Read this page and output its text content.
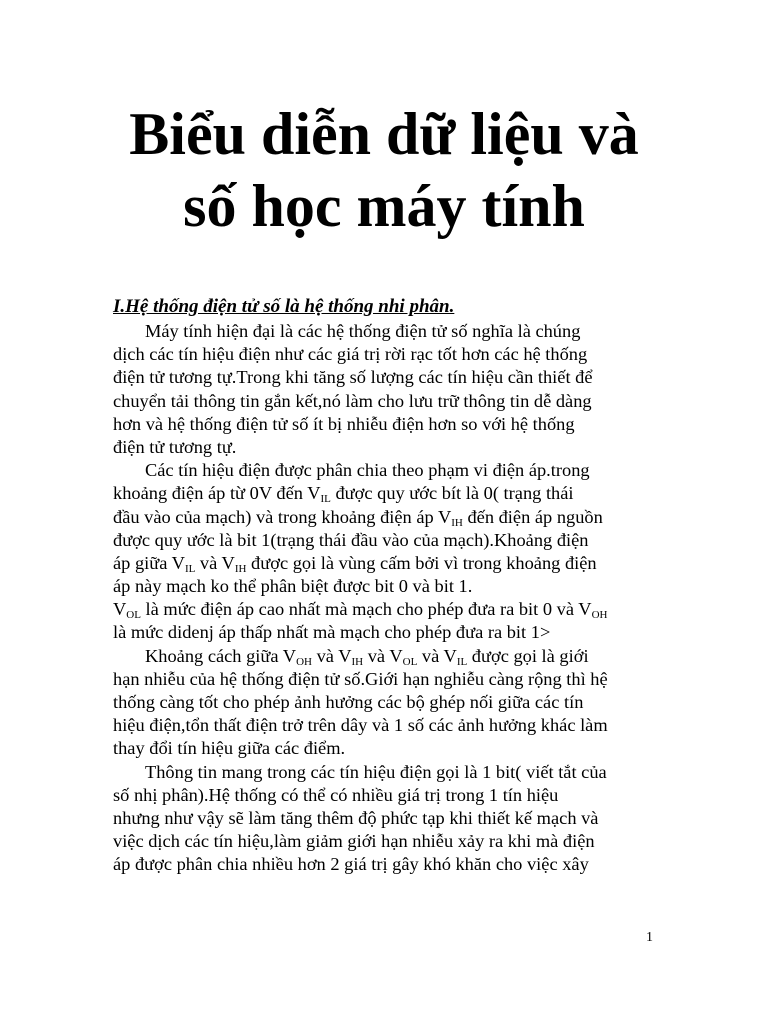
Biểu diễn dữ liệu và
số học máy tính
I.Hệ thống điện tử số là hệ thống nhi phân.
Máy tính hiện đại là các hệ thống điện tử số nghĩa là chúng
dịch các tín hiệu điện như các giá trị rời rạc tốt hơn các hệ thống
điện tử tương tự.Trong khi tăng số lượng các tín hiệu cần thiết để
chuyển tải thông tin gắn kết,nó làm cho lưu trữ thông tin dễ dàng
hơn và hệ thống điện tử số ít bị nhiễu điện hơn so với hệ thống
điện tử tương tự.
Các tín hiệu điện được phân chia theo phạm vi điện áp.trong
khoảng điện áp từ 0V đến $V_{IL}$ được quy ước bít là 0( trạng thái
đầu vào của mạch) và trong khoảng điện áp $V_{IH}$ đến điện áp nguồn
được quy ước là bit 1(trạng thái đầu vào của mạch).Khoảng điện
áp giữa $V_{IL}$ và $V_{IH}$ được gọi là vùng cấm bởi vì trong khoảng điện
áp này mạch ko thể phân biệt được bit 0 và bit 1.
$V_{OL}$ là mức điện áp cao nhất mà mạch cho phép đưa ra bit 0 và $V_{OH}$
là mức didenj áp thấp nhất mà mạch cho phép đưa ra bit 1>
Khoảng cách giữa $V_{OH}$ và $V_{IH}$ và $V_{OL}$ và $V_{IL}$ được gọi là giới
hạn nhiễu của hệ thống điện tử số.Giới hạn nghiễu càng rộng thì hệ
thống càng tốt cho phép ảnh hưởng các bộ ghép nối giữa các tín
hiệu điện,tổn thất điện trở trên dây và 1 số các ảnh hưởng khác làm
thay đổi tín hiệu giữa các điểm.
Thông tin mang trong các tín hiệu điện gọi là 1 bit( viết tắt của
số nhị phân).Hệ thống có thể có nhiều giá trị trong 1 tín hiệu
nhưng như vậy sẽ làm tăng thêm độ phức tạp khi thiết kế mạch và
việc dịch các tín hiệu,làm giảm giới hạn nhiễu xảy ra khi mà điện
áp được phân chia nhiều hơn 2 giá trị gây khó khăn cho việc xây
1
